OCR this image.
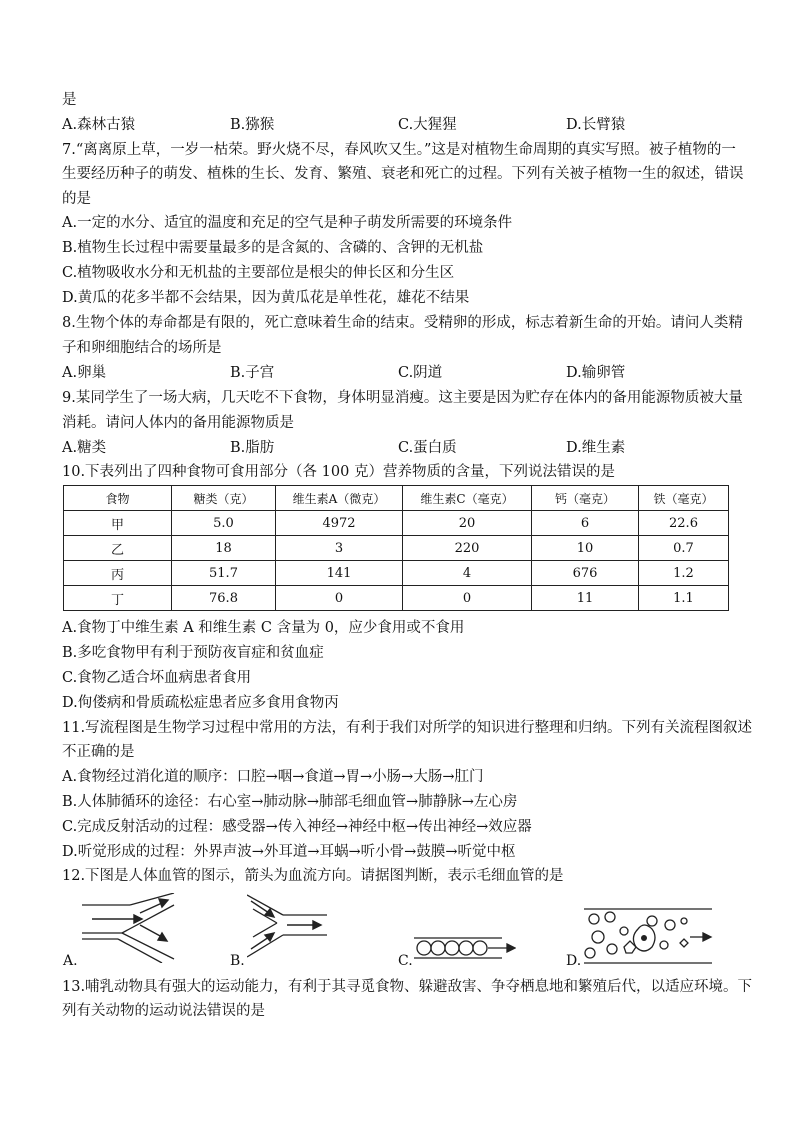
是
A.森林古猿	B.猕猴	C.大猩猩	D.长臂猿
7.“离离原上草，一岁一枯荣。野火烧不尽，春风吹又生。”这是对植物生命周期的真实写照。被子植物的一
生要经历种子的萌发、植株的生长、发育、繁殖、衰老和死亡的过程。下列有关被子植物一生的叙述，错误
的是
A.一定的水分、适宜的温度和充足的空气是种子萌发所需要的环境条件
B.植物生长过程中需要量最多的是含氮的、含磷的、含钾的无机盐
C.植物吸收水分和无机盐的主要部位是根尖的伸长区和分生区
D.黄瓜的花多半都不会结果，因为黄瓜花是单性花，雄花不结果
8.生物个体的寿命都是有限的，死亡意味着生命的结束。受精卵的形成，标志着新生命的开始。请问人类精
子和卵细胞结合的场所是
A.卵巢	B.子宫	C.阴道	D.输卵管
9.某同学生了一场大病，几天吃不下食物，身体明显消瘦。这主要是因为贮存在体内的备用能源物质被大量
消耗。请问人体内的备用能源物质是
A.糖类	B.脂肪	C.蛋白质	D.维生素
10.下表列出了四种食物可食用部分（各 100 克）营养物质的含量，下列说法错误的是
食物	糖类（克）	维生素A（微克）	维生素C（毫克）	钙（毫克）	铁（毫克）
甲	5.0	4972	20	6	22.6
乙	18	3	220	10	0.7
丙	51.7	141	4	676	1.2
丁	76.8	0	0	11	1.1
A.食物丁中维生素 A 和维生素 C 含量为 0，应少食用或不食用
B.多吃食物甲有利于预防夜盲症和贫血症
C.食物乙适合坏血病患者食用
D.佝偻病和骨质疏松症患者应多食用食物丙
11.写流程图是生物学习过程中常用的方法，有利于我们对所学的知识进行整理和归纳。下列有关流程图叙述
不正确的是
A.食物经过消化道的顺序：口腔→咽→食道→胃→小肠→大肠→肛门
B.人体肺循环的途径：右心室→肺动脉→肺部毛细血管→肺静脉→左心房
C.完成反射活动的过程：感受器→传入神经→神经中枢→传出神经→效应器
D.听觉形成的过程：外界声波→外耳道→耳蜗→听小骨→鼓膜→听觉中枢
12.下图是人体血管的图示，箭头为血流方向。请据图判断，表示毛细血管的是
A.	B.	C.	D.
13.哺乳动物具有强大的运动能力，有利于其寻觅食物、躲避敌害、争夺栖息地和繁殖后代，以适应环境。下
列有关动物的运动说法错误的是
